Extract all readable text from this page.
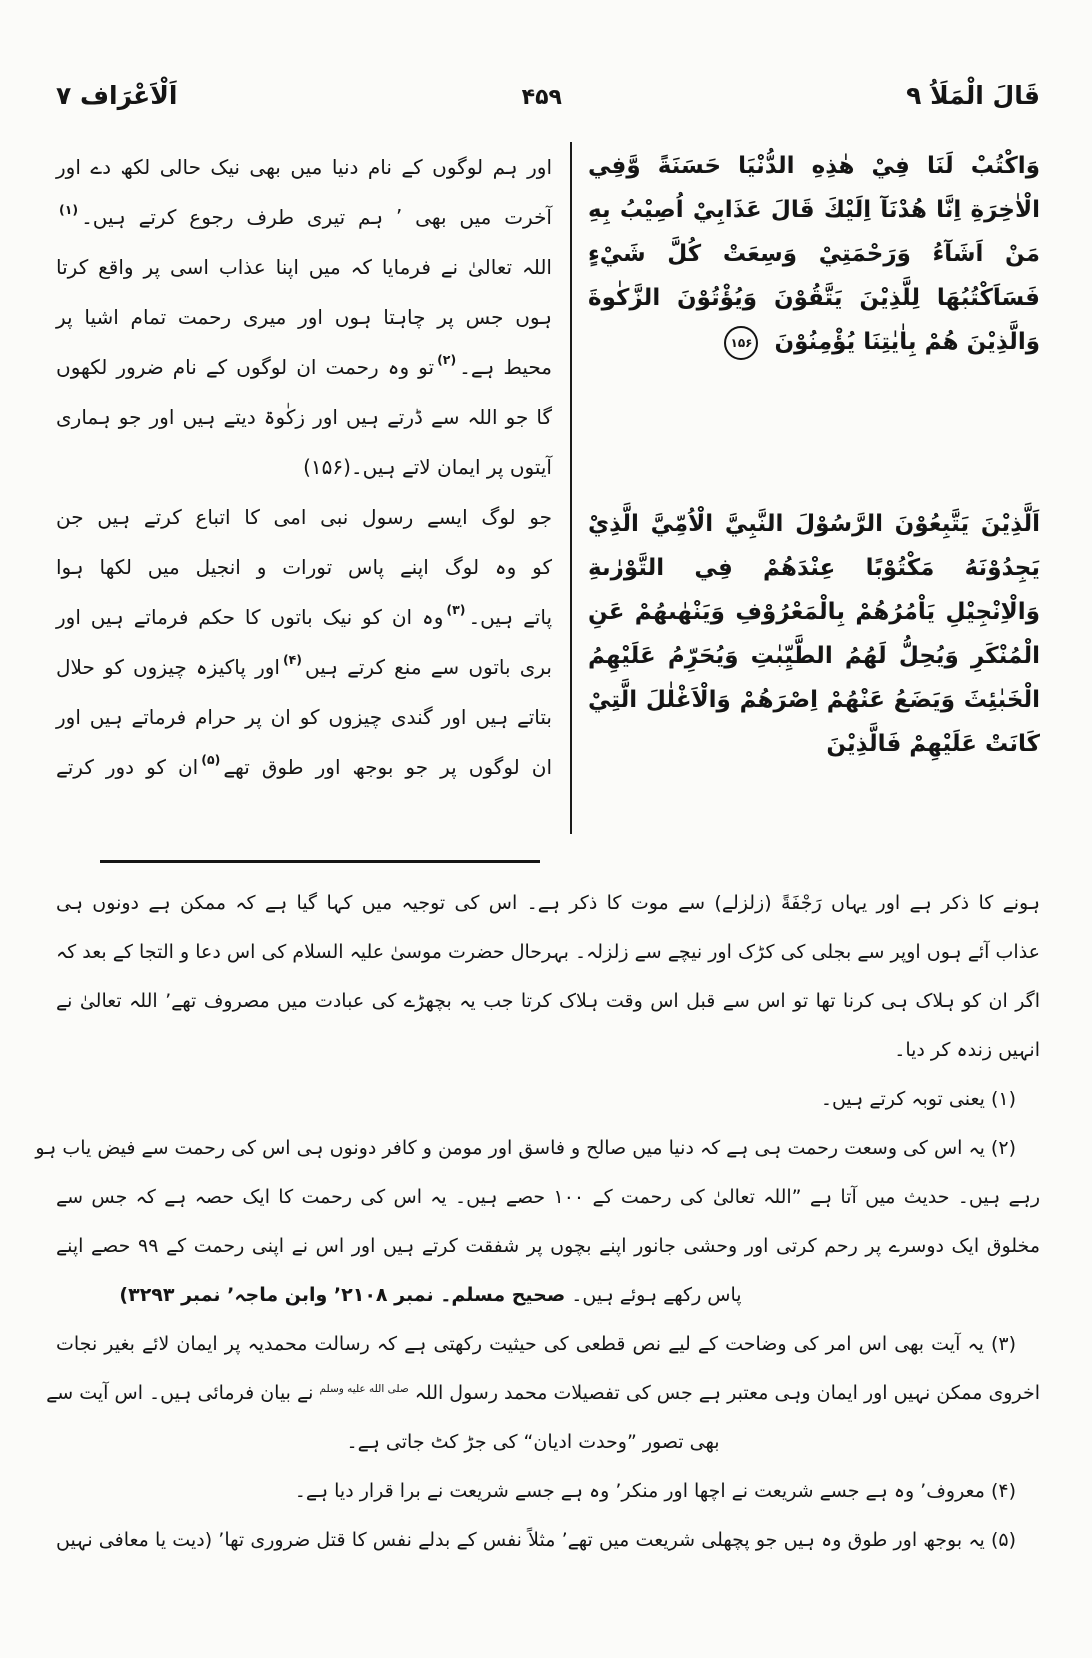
قَالَ الْمَلَاُ ۹
۴۵۹
اَلْاَعْرَاف ۷
وَاكْتُبْ لَنَا فِيْ هٰذِهِ الدُّنْيَا حَسَنَةً وَّفِي الْاٰخِرَةِ اِنَّا هُدْنَآ اِلَيْكَ قَالَ عَذَابِيْ اُصِيْبُ بِهِ مَنْ اَشَآءُ وَرَحْمَتِيْ وَسِعَتْ كُلَّ شَيْءٍ فَسَاَكْتُبُهَا لِلَّذِيْنَ يَتَّقُوْنَ وَيُؤْتُوْنَ الزَّكٰوةَ وَالَّذِيْنَ هُمْ بِاٰيٰتِنَا يُؤْمِنُوْنَ ۱۵۶
اَلَّذِيْنَ يَتَّبِعُوْنَ الرَّسُوْلَ النَّبِيَّ الْاُمِّيَّ الَّذِيْ يَجِدُوْنَهُ مَكْتُوْبًا عِنْدَهُمْ فِي التَّوْرٰىةِ وَالْاِنْجِيْلِ يَاْمُرُهُمْ بِالْمَعْرُوْفِ وَيَنْهٰىهُمْ عَنِ الْمُنْكَرِ وَيُحِلُّ لَهُمُ الطَّيِّبٰتِ وَيُحَرِّمُ عَلَيْهِمُ الْخَبٰئِثَ وَيَضَعُ عَنْهُمْ اِصْرَهُمْ وَالْاَغْلٰلَ الَّتِيْ كَانَتْ عَلَيْهِمْ فَالَّذِيْنَ
اور ہم لوگوں کے نام دنیا میں بھی نیک حالی لکھ دے اور
آخرت میں بھی ’ ہم تیری طرف رجوع کرتے ہیں۔$^{(۱)}$
اللہ تعالیٰ نے فرمایا کہ میں اپنا عذاب اسی پر واقع کرتا
ہوں جس پر چاہتا ہوں اور میری رحمت تمام اشیا پر
محیط ہے۔$^{(۲)}$تو وہ رحمت ان لوگوں کے نام ضرور لکھوں
گا جو اللہ سے ڈرتے ہیں اور زکٰوۃ دیتے ہیں اور جو ہماری
آیتوں پر ایمان لاتے ہیں۔(۱۵۶)
جو لوگ ایسے رسول نبی امی کا اتباع کرتے ہیں جن
کو وہ لوگ اپنے پاس تورات و انجیل میں لکھا ہوا
پاتے ہیں۔$^{(۳)}$وہ ان کو نیک باتوں کا حکم فرماتے ہیں اور
بری باتوں سے منع کرتے ہیں$^{(۴)}$اور پاکیزہ چیزوں کو حلال
بتاتے ہیں اور گندی چیزوں کو ان پر حرام فرماتے ہیں اور
ان لوگوں پر جو بوجھ اور طوق تھے$^{(۵)}$ان کو دور کرتے
ہونے کا ذکر ہے اور یہاں رَجْفَةً (زلزلے) سے موت کا ذکر ہے۔ اس کی توجیہ میں کہا گیا ہے کہ ممکن ہے دونوں ہی
عذاب آئے ہوں اوپر سے بجلی کی کڑک اور نیچے سے زلزلہ۔ بہرحال حضرت موسیٰ علیہ السلام کی اس دعا و التجا کے بعد کہ
اگر ان کو ہلاک ہی کرنا تھا تو اس سے قبل اس وقت ہلاک کرتا جب یہ بچھڑے کی عبادت میں مصروف تھے’ اللہ تعالیٰ نے
انہیں زندہ کر دیا۔
(۱) یعنی توبہ کرتے ہیں۔
(۲) یہ اس کی وسعت رحمت ہی ہے کہ دنیا میں صالح و فاسق اور مومن و کافر دونوں ہی اس کی رحمت سے فیض یاب ہو
رہے ہیں۔ حدیث میں آتا ہے ”اللہ تعالیٰ کی رحمت کے ۱۰۰ حصے ہیں۔ یہ اس کی رحمت کا ایک حصہ ہے کہ جس سے
مخلوق ایک دوسرے پر رحم کرتی اور وحشی جانور اپنے بچوں پر شفقت کرتے ہیں اور اس نے اپنی رحمت کے ۹۹ حصے اپنے
پاس رکھے ہوئے ہیں۔ صحیح مسلم۔ نمبر ۲۱۰۸’ وابن ماجہ’ نمبر ۳۲۹۳)
(۳) یہ آیت بھی اس امر کی وضاحت کے لیے نص قطعی کی حیثیت رکھتی ہے کہ رسالت محمدیہ پر ایمان لائے بغیر نجات
اخروی ممکن نہیں اور ایمان وہی معتبر ہے جس کی تفصیلات محمد رسول اللہ $^{صلى الله عليه وسلم}$ نے بیان فرمائی ہیں۔ اس آیت سے
بھی تصور ”وحدت ادیان“ کی جڑ کٹ جاتی ہے۔
(۴) معروف’ وہ ہے جسے شریعت نے اچھا اور منکر’ وہ ہے جسے شریعت نے برا قرار دیا ہے۔
(۵) یہ بوجھ اور طوق وہ ہیں جو پچھلی شریعت میں تھے’ مثلاً نفس کے بدلے نفس کا قتل ضروری تھا’ (دیت یا معافی نہیں
